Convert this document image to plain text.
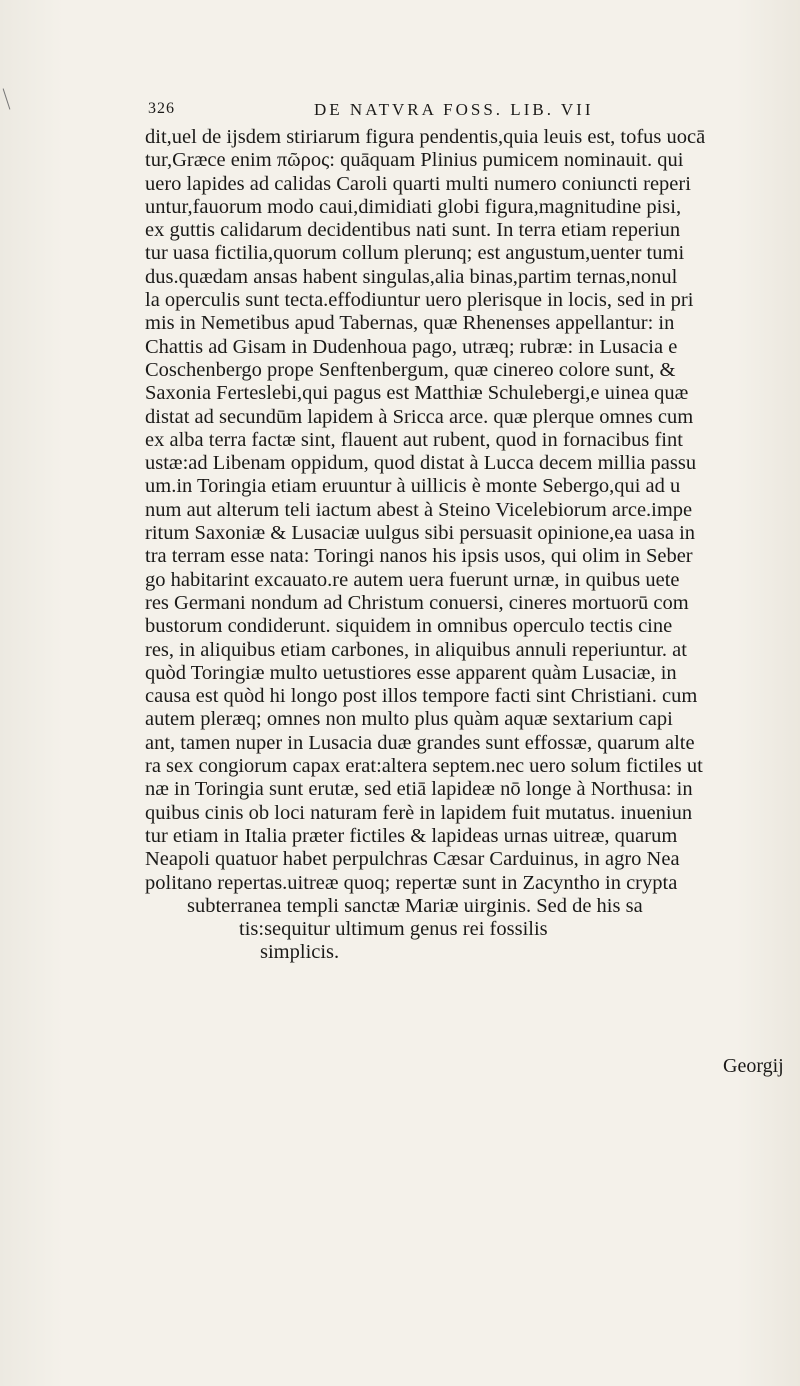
326	DE NATVRA FOSS. LIB. VII
dit,uel de ijsdem stiriarum figura pendentis,quia leuis est, tofus uocā
tur,Græce enim πῶρος: quāquam Plinius pumicem nominauit. qui
uero lapides ad calidas Caroli quarti multi numero coniuncti reperi
untur,fauorum modo caui,dimidiati globi figura,magnitudine pisi,
ex guttis calidarum decidentibus nati sunt. In terra etiam reperiun
tur uasa fictilia,quorum collum plerunq; est angustum,uenter tumi
dus.quædam ansas habent singulas,alia binas,partim ternas,nonul
la operculis sunt tecta.effodiuntur uero plerisque in locis, sed in pri
mis in Nemetibus apud Tabernas, quæ Rhenenses appellantur: in
Chattis ad Gisam in Dudenhoua pago, utræq; rubræ: in Lusacia e
Coschenbergo prope Senftenbergum, quæ cinereo colore sunt, &
Saxonia Ferteslebi,qui pagus est Matthiæ Schulebergi,e uinea quæ
distat ad secundūm lapidem à Sricca arce. quæ plerque omnes cum
ex alba terra factæ sint, flauent aut rubent, quod in fornacibus fint
ustæ:ad Libenam oppidum, quod distat à Lucca decem millia passu
um.in Toringia etiam eruuntur à uillicis è monte Sebergo,qui ad u
num aut alterum teli iactum abest à Steino Vicelebiorum arce.impe
ritum Saxoniæ & Lusaciæ uulgus sibi persuasit opinione,ea uasa in
tra terram esse nata: Toringi nanos his ipsis usos, qui olim in Seber
go habitarint excauato.re autem uera fuerunt urnæ, in quibus uete
res Germani nondum ad Christum conuersi, cineres mortuorū com
bustorum condiderunt. siquidem in omnibus operculo tectis cine
res, in aliquibus etiam carbones, in aliquibus annuli reperiuntur. at
quòd Toringiæ multo uetustiores esse apparent quàm Lusaciæ, in
causa est quòd hi longo post illos tempore facti sint Christiani. cum
autem pleræq; omnes non multo plus quàm aquæ sextarium capi
ant, tamen nuper in Lusacia duæ grandes sunt effossæ, quarum alte
ra sex congiorum capax erat:altera septem.nec uero solum fictiles ut
næ in Toringia sunt erutæ, sed etiā lapideæ nō longe à Northusa: in
quibus cinis ob loci naturam ferè in lapidem fuit mutatus. inueniun
tur etiam in Italia præter fictiles & lapideas urnas uitreæ, quarum
Neapoli quatuor habet perpulchras Cæsar Carduinus, in agro Nea
politano repertas.uitreæ quoq; repertæ sunt in Zacyntho in crypta
subterranea templi sanctæ Mariæ uirginis. Sed de his sa
tis:sequitur ultimum genus rei fossilis
simplicis.
Georgij
